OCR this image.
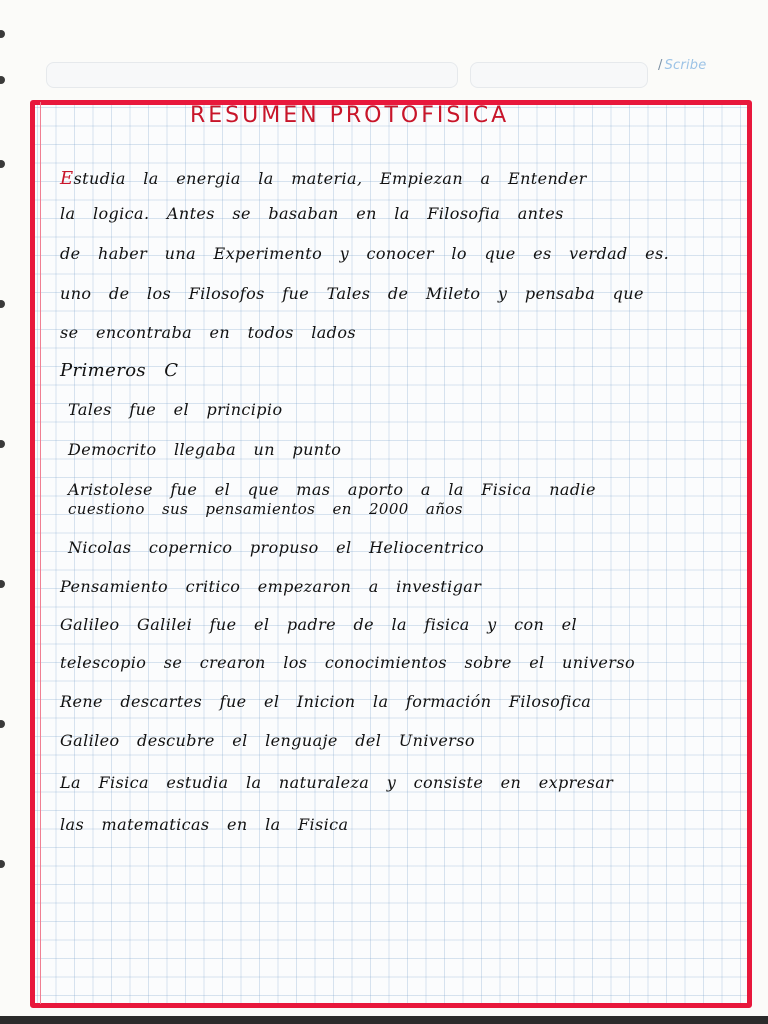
/ Scribe
RESUMEN PROTOFISICA
Estudia la energia la materia, Empiezan a Entender
la logica. Antes se basaban en la Filosofia antes
de haber una Experimento y conocer lo que es verdad es.
uno de los Filosofos fue Tales de Mileto y pensaba que
se encontraba en todos lados
Primeros C
Tales fue el principio
Democrito llegaba un punto
Aristolese fue el que mas aporto a la Fisica nadie
cuestiono sus pensamientos en 2000 años
Nicolas copernico propuso el Heliocentrico
Pensamiento critico empezaron a investigar
Galileo Galilei fue el padre de la fisica y con el
telescopio se crearon los conocimientos sobre el universo
Rene descartes fue el Inicion la formación Filosofica
Galileo descubre el lenguaje del Universo
La Fisica estudia la naturaleza y consiste en expresar
las matematicas en la Fisica
